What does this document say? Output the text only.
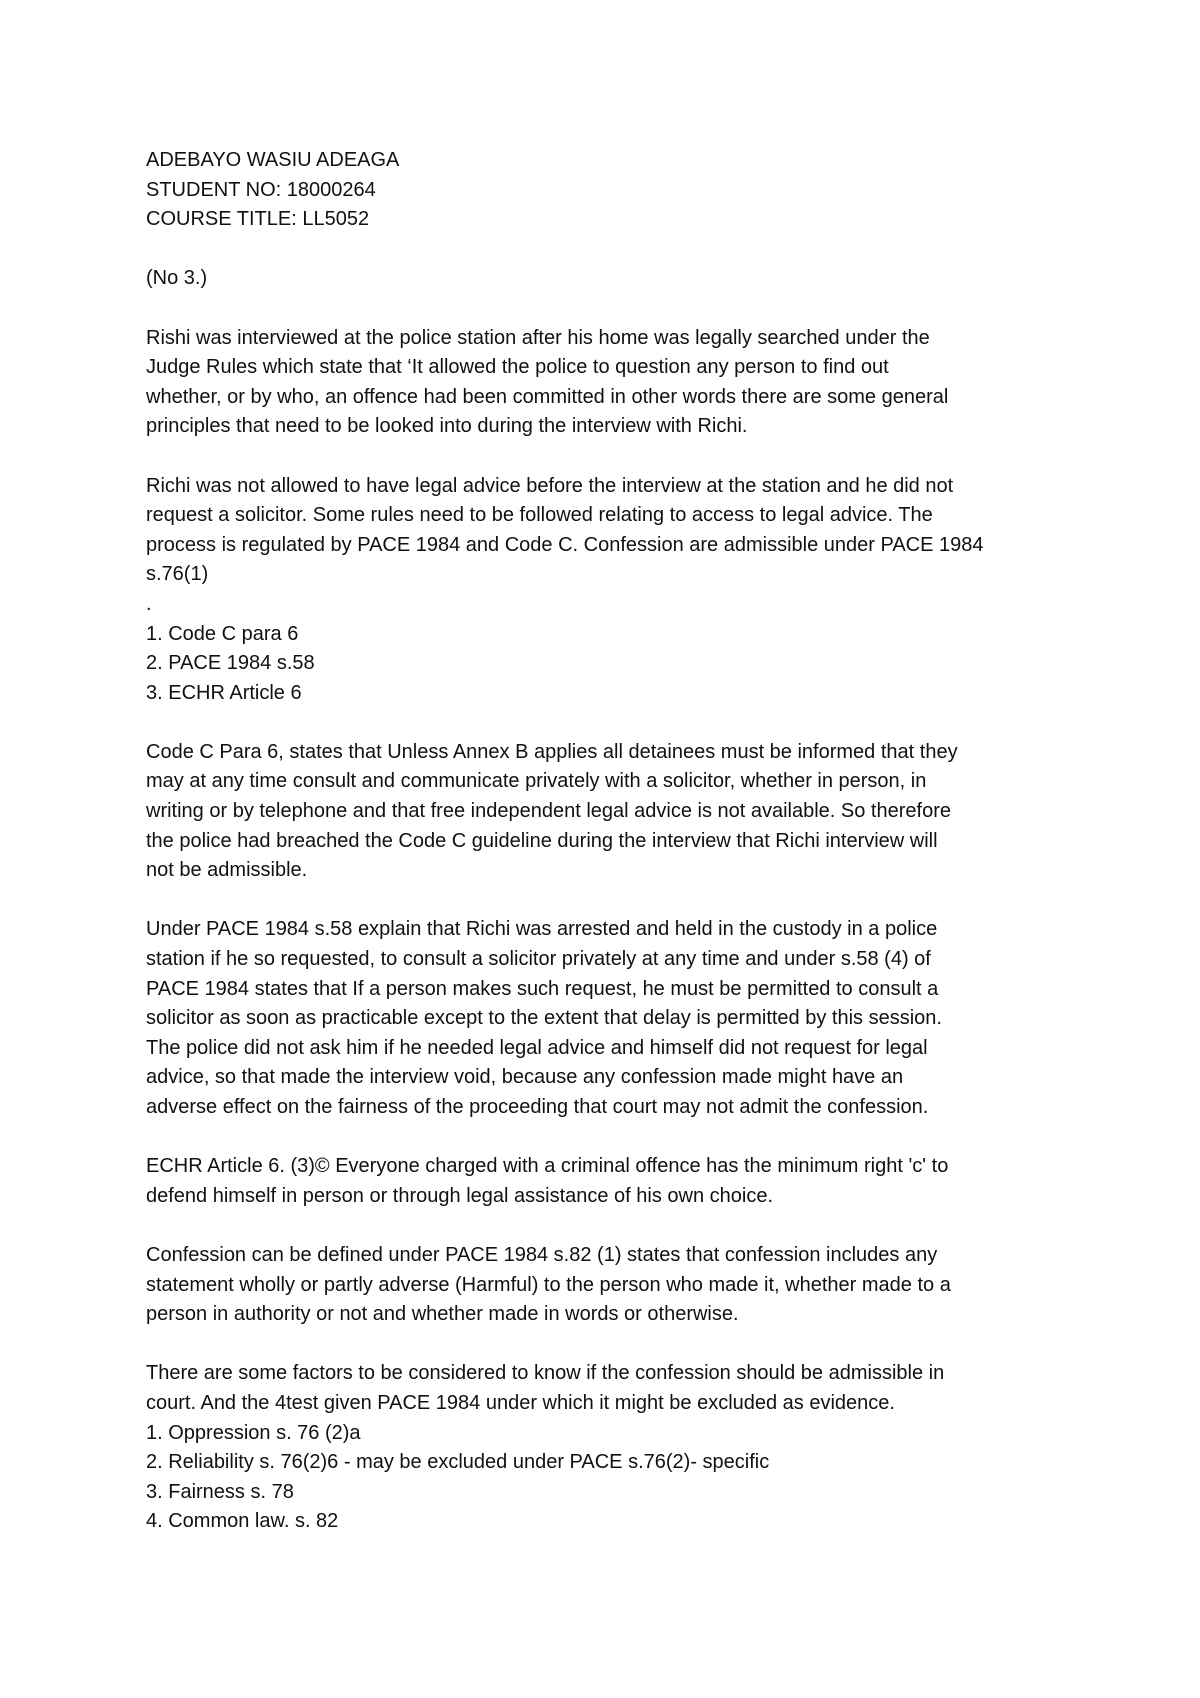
ADEBAYO WASIU ADEAGA
STUDENT NO: 18000264
COURSE TITLE: LL5052
(No 3.)
Rishi was interviewed at the police station after his home was legally searched under the
Judge Rules which state that ‘It allowed the police to question any person to find out
whether, or by who, an offence had been committed in other words there are some general
principles that need to be looked into during the interview with Richi.
Richi was not allowed to have legal advice before the interview at the station and he did not
request a solicitor. Some rules need to be followed relating to access to legal advice. The
process is regulated by PACE 1984 and Code C. Confession are admissible under PACE 1984
s.76(1)
.
1. Code C para 6
2. PACE 1984 s.58
3. ECHR Article 6
Code C Para 6, states that Unless Annex B applies all detainees must be informed that they
may at any time consult and communicate privately with a solicitor, whether in person, in
writing or by telephone and that free independent legal advice is not available. So therefore
the police had breached the Code C guideline during the interview that Richi interview will
not be admissible.
Under PACE 1984 s.58 explain that Richi was arrested and held in the custody in a police
station if he so requested, to consult a solicitor privately at any time and under s.58 (4) of
PACE 1984 states that If a person makes such request, he must be permitted to consult a
solicitor as soon as practicable except to the extent that delay is permitted by this session.
The police did not ask him if he needed legal advice and himself did not request for legal
advice, so that made the interview void, because any confession made might have an
adverse effect on the fairness of the proceeding that court may not admit the confession.
ECHR Article 6. (3)© Everyone charged with a criminal offence has the minimum right 'c' to
defend himself in person or through legal assistance of his own choice.
Confession can be defined under PACE 1984 s.82 (1) states that confession includes any
statement wholly or partly adverse (Harmful) to the person who made it, whether made to a
person in authority or not and whether made in words or otherwise.
There are some factors to be considered to know if the confession should be admissible in
court. And the 4test given PACE 1984 under which it might be excluded as evidence.
1. Oppression s. 76 (2)a
2. Reliability s. 76(2)6 - may be excluded under PACE s.76(2)- specific
3. Fairness s. 78
4. Common law. s. 82
